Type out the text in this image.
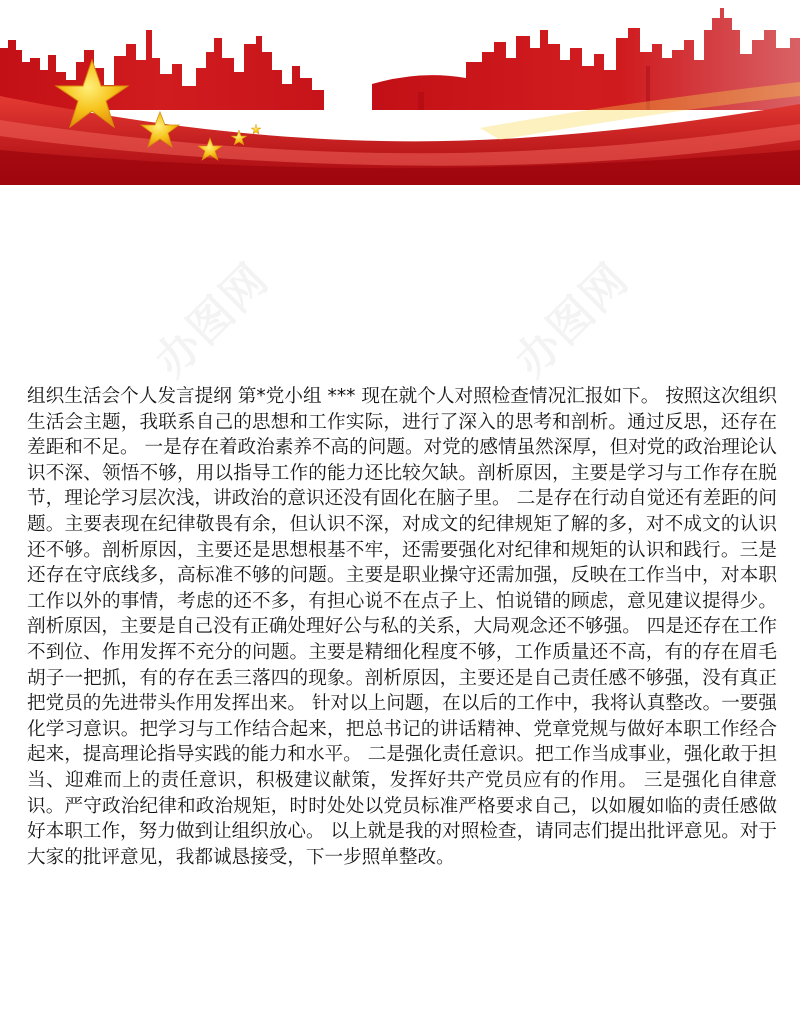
组织生活会个人发言提纲 第*党小组 *** 现在就个人对照检查情况汇报如下。 按照这次组织生活会主题，我联系自己的思想和工作实际，进行了深入的思考和剖析。通过反思，还存在差距和不足。 一是存在着政治素养不高的问题。对党的感情虽然深厚，但对党的政治理论认识不深、领悟不够，用以指导工作的能力还比较欠缺。剖析原因，主要是学习与工作存在脱节，理论学习层次浅，讲政治的意识还没有固化在脑子里。 二是存在行动自觉还有差距的问题。主要表现在纪律敬畏有余，但认识不深，对成文的纪律规矩了解的多，对不成文的认识还不够。剖析原因，主要还是思想根基不牢，还需要强化对纪律和规矩的认识和践行。三是还存在守底线多，高标准不够的问题。主要是职业操守还需加强，反映在工作当中，对本职工作以外的事情，考虑的还不多，有担心说不在点子上、怕说错的顾虑，意见建议提得少。剖析原因，主要是自己没有正确处理好公与私的关系，大局观念还不够强。 四是还存在工作不到位、作用发挥不充分的问题。主要是精细化程度不够，工作质量还不高，有的存在眉毛胡子一把抓，有的存在丢三落四的现象。剖析原因，主要还是自己责任感不够强，没有真正把党员的先进带头作用发挥出来。 针对以上问题，在以后的工作中，我将认真整改。一要强化学习意识。把学习与工作结合起来，把总书记的讲话精神、党章党规与做好本职工作经合起来，提高理论指导实践的能力和水平。 二是强化责任意识。把工作当成事业，强化敢于担当、迎难而上的责任意识，积极建议献策，发挥好共产党员应有的作用。 三是强化自律意识。严守政治纪律和政治规矩，时时处处以党员标准严格要求自己，以如履如临的责任感做好本职工作，努力做到让组织放心。 以上就是我的对照检查，请同志们提出批评意见。对于大家的批评意见，我都诚恳接受，下一步照单整改。
